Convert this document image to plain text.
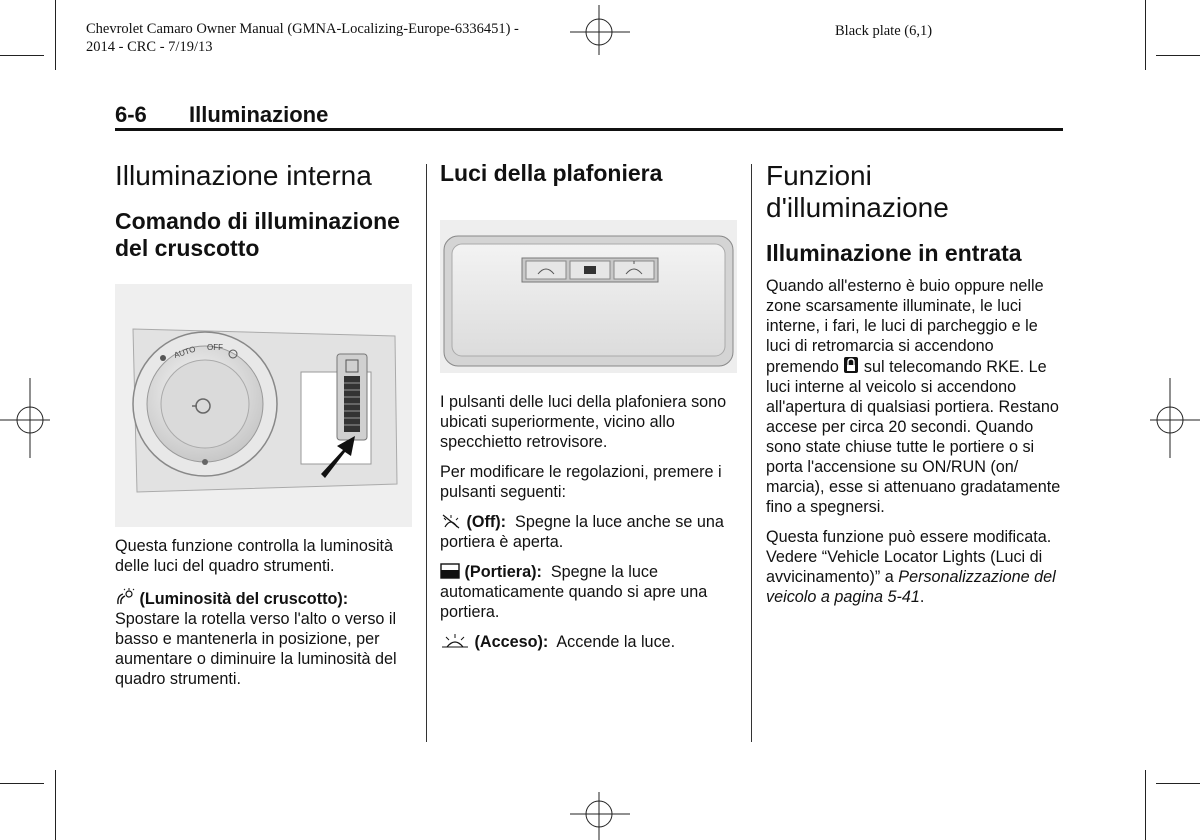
Chevrolet Camaro Owner Manual (GMNA-Localizing-Europe-6336451) -
2014 - CRC - 7/19/13
Black plate (6,1)
6-6 Illuminazione
Illuminazione interna
Comando di illuminazione
del cruscotto
AUTO OFF

Questa funzione controlla la luminosità delle luci del quadro strumenti.

(Luminosità del cruscotto):
Spostare la rotella verso l'alto o verso il basso e mantenerla in posizione, per aumentare o diminuire la luminosità del quadro strumenti.

Luci della plafoniera

I pulsanti delle luci della plafoniera sono ubicati superiormente, vicino allo specchietto retrovisore.

Per modificare le regolazioni, premere i pulsanti seguenti:

(Off): Spegne la luce anche se una portiera è aperta.

(Portiera): Spegne la luce automaticamente quando si apre una portiera.

(Acceso): Accende la luce.

Funzioni
d'illuminazione
Illuminazione in entrata

Quando all'esterno è buio oppure nelle zone scarsamente illuminate, le luci interne, i fari, le luci di parcheggio e le luci di retromarcia si accendono premendo sul telecomando RKE. Le luci interne al veicolo si accendono all'apertura di qualsiasi portiera. Restano accese per circa 20 secondi. Quando sono state chiuse tutte le portiere o si porta l'accensione su ON/RUN (on/ marcia), esse si attenuano gradatamente fino a spegnersi.

Questa funzione può essere modificata. Vedere “Vehicle Locator Lights (Luci di avvicinamento)” a Personalizzazione del veicolo a pagina 5-41.
